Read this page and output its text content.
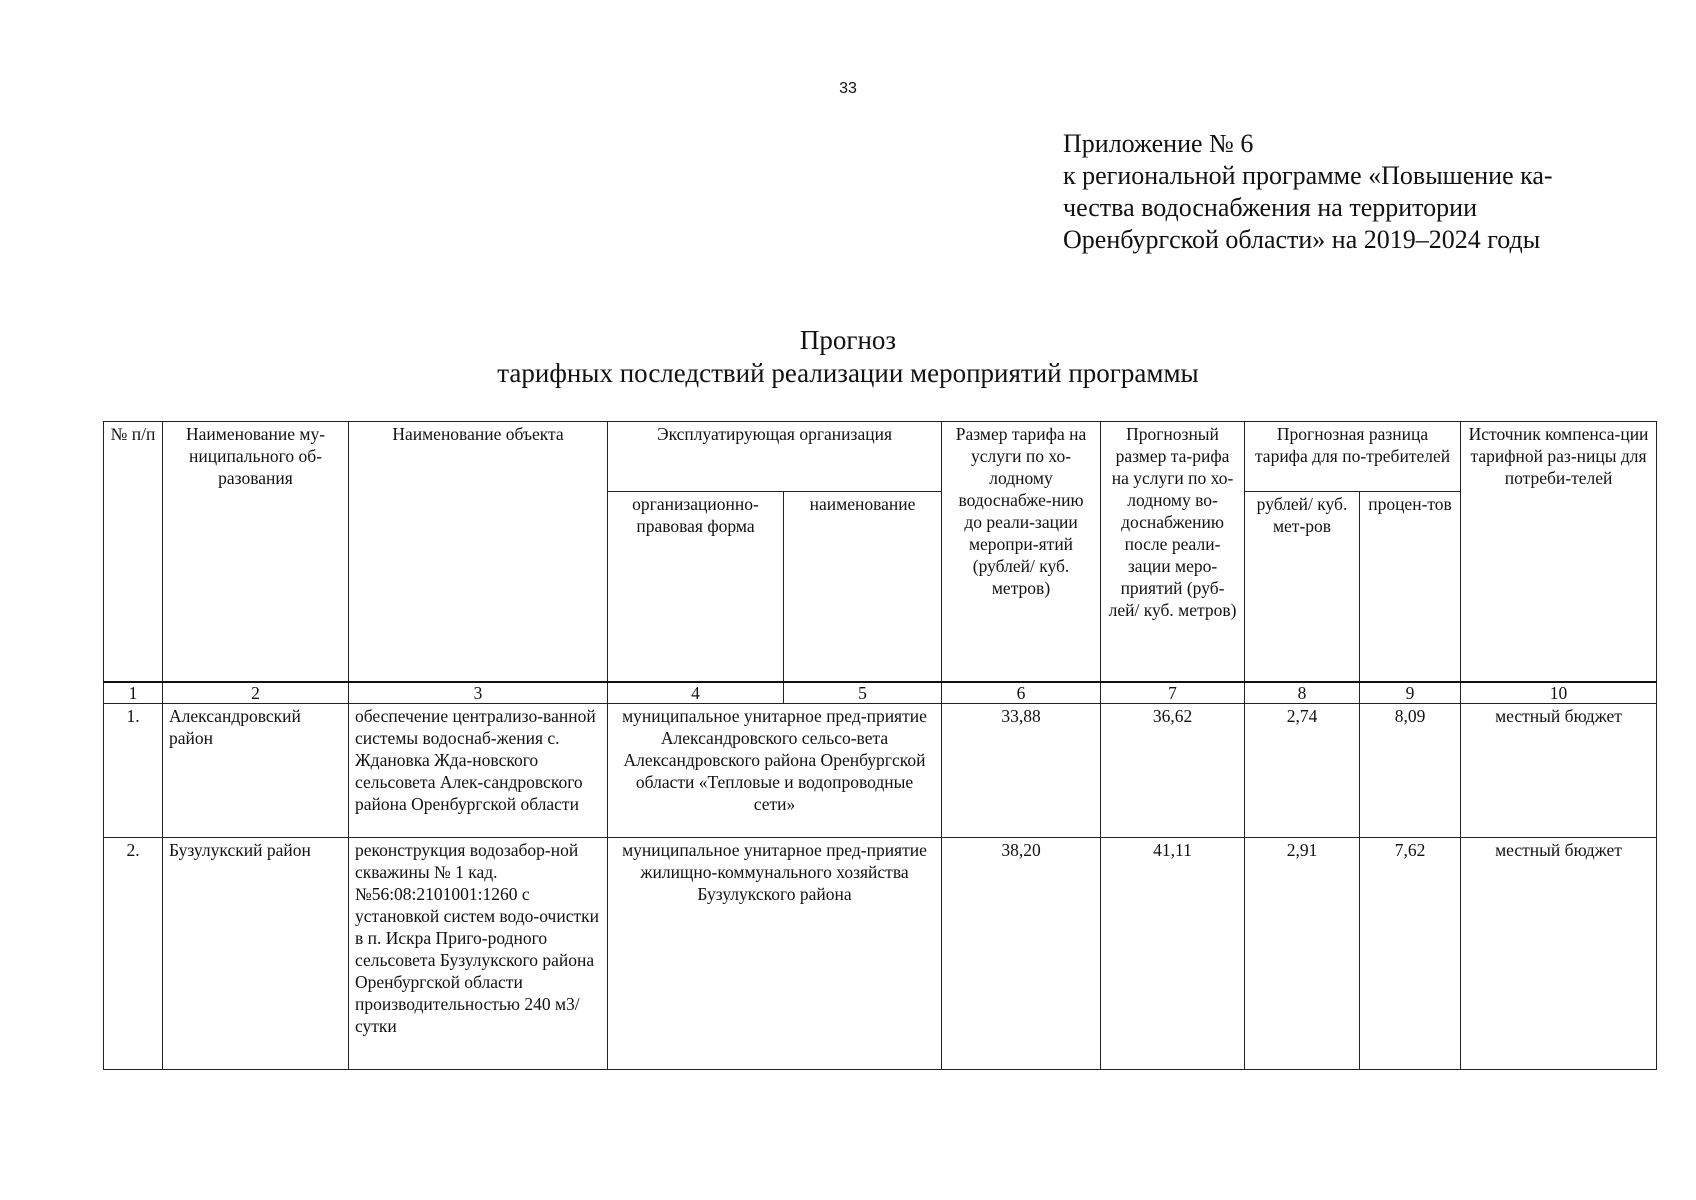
33
Приложение № 6
к региональной программе «Повышение ка-
чества водоснабжения на территории
Оренбургской области» на 2019–2024 годы
Прогноз
тарифных последствий реализации мероприятий программы
№ п/п	Наименование му-ниципального об-разования	Наименование объекта	Эксплуатирующая организация		Размер тарифа на услуги по хо-лодному водоснабже-нию до реали-зации меропри-ятий (рублей/ куб. метров)	Прогнозный размер та-рифа на услуги по хо-лодному во-доснабжению после реали-зации меро-приятий (руб-лей/ куб. метров)	Прогнозная разница тарифа для по-требителей		Источник компенса-ции тарифной раз-ницы для потреби-телей
			организационно-правовая форма	наименование			рублей/ куб. мет-ров	процен-тов	
1	2	3	4	5	6	7	8	9	10
1.	Александровский район	обеспечение централизо-ванной системы водоснаб-жения с. Ждановка Жда-новского сельсовета Алек-сандровского района Оренбургской области	муниципальное унитарное пред-приятие Александровского сельсо-вета Александровского района Оренбургской области «Тепловые и водопроводные сети»		33,88	36,62	2,74	8,09	местный бюджет
2.	Бузулукский район	реконструкция водозабор-ной скважины № 1 кад.№56:08:2101001:1260 с установкой систем водо-очистки в п. Искра Приго-родного сельсовета Бузулукского района Оренбургской области производительностью 240 м3/сутки	муниципальное унитарное пред-приятие жилищно-коммунального хозяйства Бузулукского района		38,20	41,11	2,91	7,62	местный бюджет
